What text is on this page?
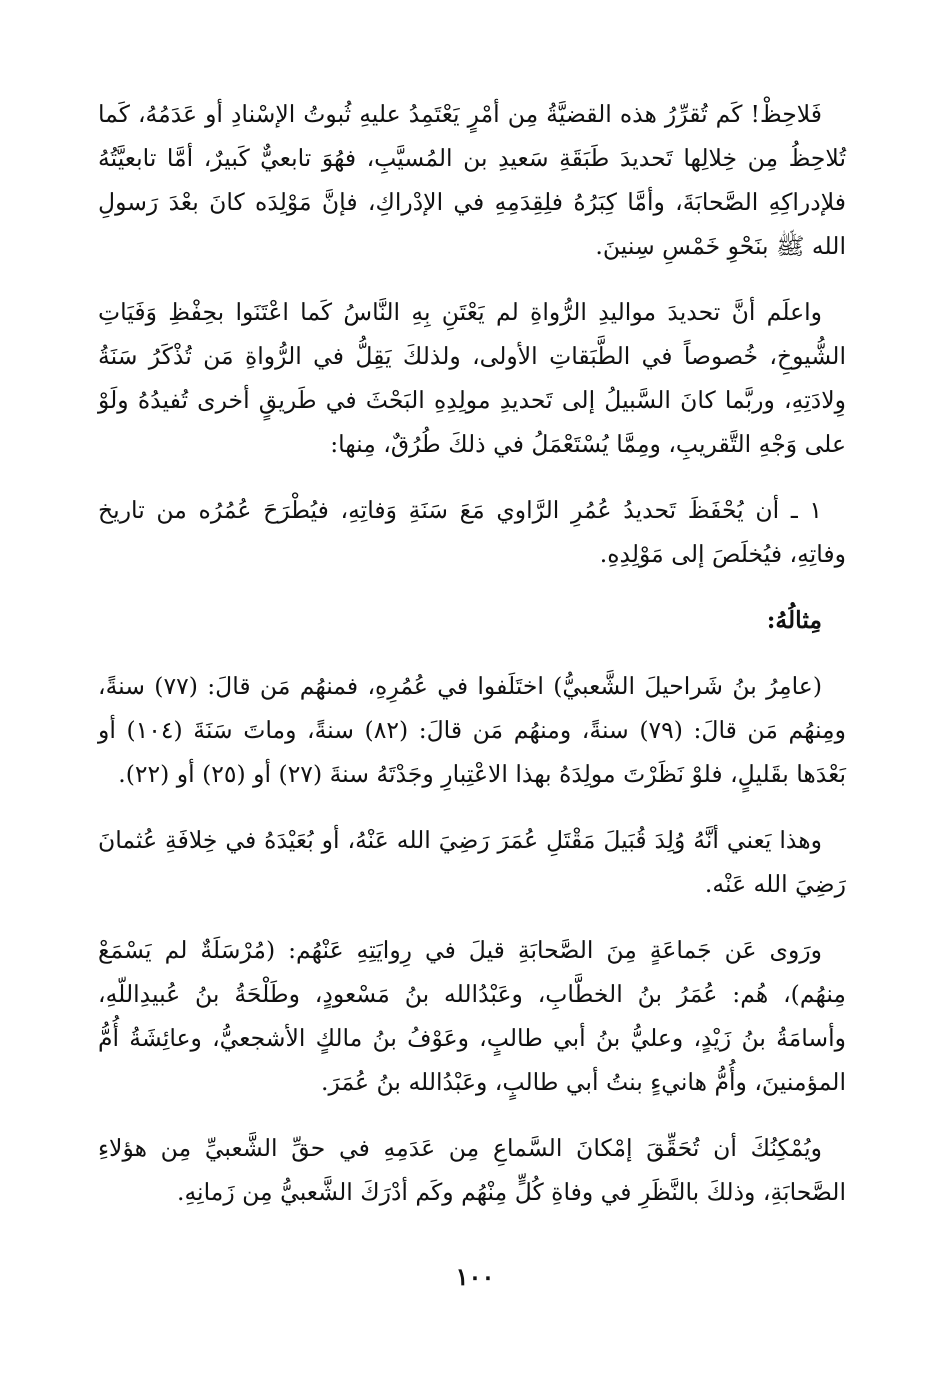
فَلاحِظْ! كَم تُقرِّرُ هذه القضيَّةُ مِن أمْرٍ يَعْتَمِدُ عليهِ ثُبوتُ الإسْنادِ أو عَدَمُهُ، كَما تُلاحِظُ مِن خِلالِها تَحديدَ طَبَقَةِ سَعيدِ بن المُسيَّبِ، فهُوَ تابعيٌّ كَبيرٌ، أمَّا تابعيَّتُهُ فلإدراكِهِ الصَّحابَةَ، وأمَّا كِبَرُهُ فلِقِدَمِهِ في الإدْراكِ، فإنَّ مَوْلِدَه كانَ بعْدَ رَسولِ الله ﷺ بنَحْوِ خَمْسِ سِنينَ.

واعلَم أنَّ تحديدَ مواليدِ الرُّواةِ لم يَعْتَنِ بِهِ النَّاسُ كَما اعْتَنَوا بحِفْظِ وَفَيَاتِ الشُّيوخِ، خُصوصاً في الطَّبَقاتِ الأولى، ولذلكَ يَقِلُّ في الرُّواةِ مَن تُذْكَرُ سَنَةُ وِلادَتِهِ، وربَّما كانَ السَّبيلُ إلى تَحديدِ مولِدِهِ البَحْثَ في طَريقٍ أخرى تُفيدُهُ ولَوْ على وَجْهِ التَّقريبِ، ومِمَّا يُسْتَعْمَلُ في ذلكَ طُرُقٌ، مِنها:

١ ـ أن يُحْفَظَ تَحديدُ عُمُرِ الرَّاوي مَعَ سَنَةِ وَفاتِهِ، فيُطْرَحَ عُمُرُه من تاريخ وفاتِهِ، فيُخلَصَ إلى مَوْلِدِهِ.

مِثالُهُ:

(عامِرُ بنُ شَراحيلَ الشَّعبيُّ) اختَلَفوا في عُمُرِهِ، فمنهُم مَن قالَ: (٧٧) سنةً، ومِنهُم مَن قالَ: (٧٩) سنةً، ومنهُم مَن قالَ: (٨٢) سنةً، وماتَ سَنَةَ (١٠٤) أو بَعْدَها بقَليلٍ، فلوْ نَظَرْتَ مولِدَهُ بهذا الاعْتِبارِ وجَدْتَهُ سنةَ (٢٧) أو (٢٥) أو (٢٢).

وهذا يَعني أنَّهُ وُلِدَ قُبَيلَ مَقْتَلِ عُمَرَ رَضِيَ الله عَنْهُ، أو بُعَيْدَهُ في خِلافَةِ عُثمانَ رَضِيَ الله عَنْه.

ورَوى عَن جَماعَةٍ مِنَ الصَّحابَةِ قيلَ في رِوايَتِهِ عَنْهُم: (مُرْسَلَةٌ لم يَسْمَعْ مِنهُم)، هُم: عُمَرُ بنُ الخطَّابِ، وعَبْدُالله بنُ مَسْعودٍ، وطَلْحَةُ بنُ عُبيدِاللّهِ، وأسامَةُ بنُ زَيْدٍ، وعليُّ بنُ أبي طالبٍ، وعَوْفُ بنُ مالكٍ الأشجعيُّ، وعائِشَةُ أُمُّ المؤمنينَ، وأُمُّ هانيءٍ بنتُ أبي طالبٍ، وعَبْدُالله بنُ عُمَرَ.

ويُمْكِنُكَ أن تُحَقِّقَ إمْكانَ السَّماعِ مِن عَدَمِهِ في حقِّ الشَّعبيِّ مِن هؤلاءِ الصَّحابَةِ، وذلكَ بالنَّظَرِ في وفاةِ كُلٍّ مِنْهُم وكَم أدْرَكَ الشَّعبيُّ مِن زَمانِهِ.

١٠٠
